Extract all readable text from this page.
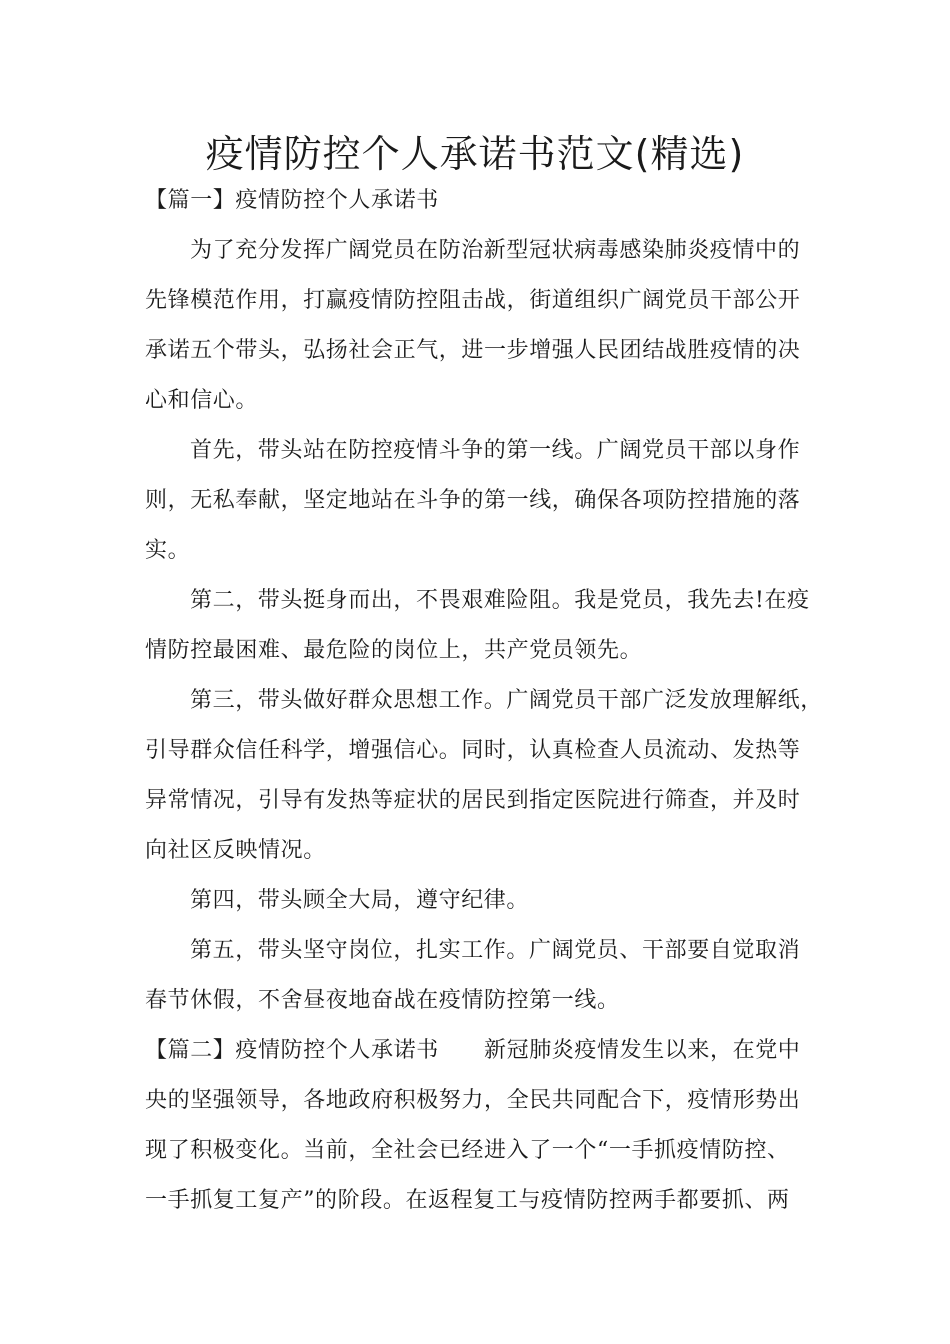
疫情防控个人承诺书范文(精选)
【篇一】疫情防控个人承诺书
为了充分发挥广阔党员在防治新型冠状病毒感染肺炎疫情中的
先锋模范作用，打赢疫情防控阻击战，街道组织广阔党员干部公开
承诺五个带头，弘扬社会正气，进一步增强人民团结战胜疫情的决
心和信心。
首先，带头站在防控疫情斗争的第一线。广阔党员干部以身作
则，无私奉献，坚定地站在斗争的第一线，确保各项防控措施的落
实。
第二，带头挺身而出，不畏艰难险阻。我是党员，我先去!在疫
情防控最困难、最危险的岗位上，共产党员领先。
第三，带头做好群众思想工作。广阔党员干部广泛发放理解纸，
引导群众信任科学，增强信心。同时，认真检查人员流动、发热等
异常情况，引导有发热等症状的居民到指定医院进行筛查，并及时
向社区反映情况。
第四，带头顾全大局，遵守纪律。
第五，带头坚守岗位，扎实工作。广阔党员、干部要自觉取消
春节休假，不舍昼夜地奋战在疫情防控第一线。
【篇二】疫情防控个人承诺书　　新冠肺炎疫情发生以来，在党中
央的坚强领导，各地政府积极努力，全民共同配合下，疫情形势出
现了积极变化。当前，全社会已经进入了一个“一手抓疫情防控、
一手抓复工复产”的阶段。在返程复工与疫情防控两手都要抓、两
